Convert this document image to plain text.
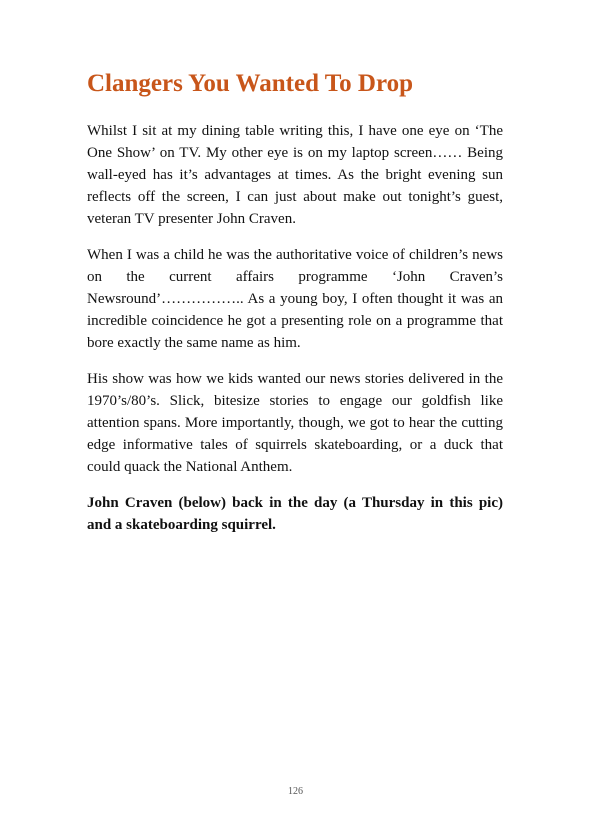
Clangers You Wanted To Drop

Whilst I sit at my dining table writing this, I have one eye on ‘The One Show’ on TV. My other eye is on my laptop screen…… Being wall-eyed has it’s advantages at times. As the bright evening sun reflects off the screen, I can just about make out tonight’s guest, veteran TV presenter John Craven.

When I was a child he was the authoritative voice of children’s news on the current affairs programme ‘John Craven’s Newsround’…………….. As a young boy, I often thought it was an incredible coincidence he got a presenting role on a programme that bore exactly the same name as him.

His show was how we kids wanted our news stories delivered in the 1970’s/80’s. Slick, bitesize stories to engage our goldfish like attention spans. More importantly, though, we got to hear the cutting edge informative tales of squirrels skateboarding, or a duck that could quack the National Anthem.

John Craven (below) back in the day (a Thursday in this pic) and a skateboarding squirrel.

126
